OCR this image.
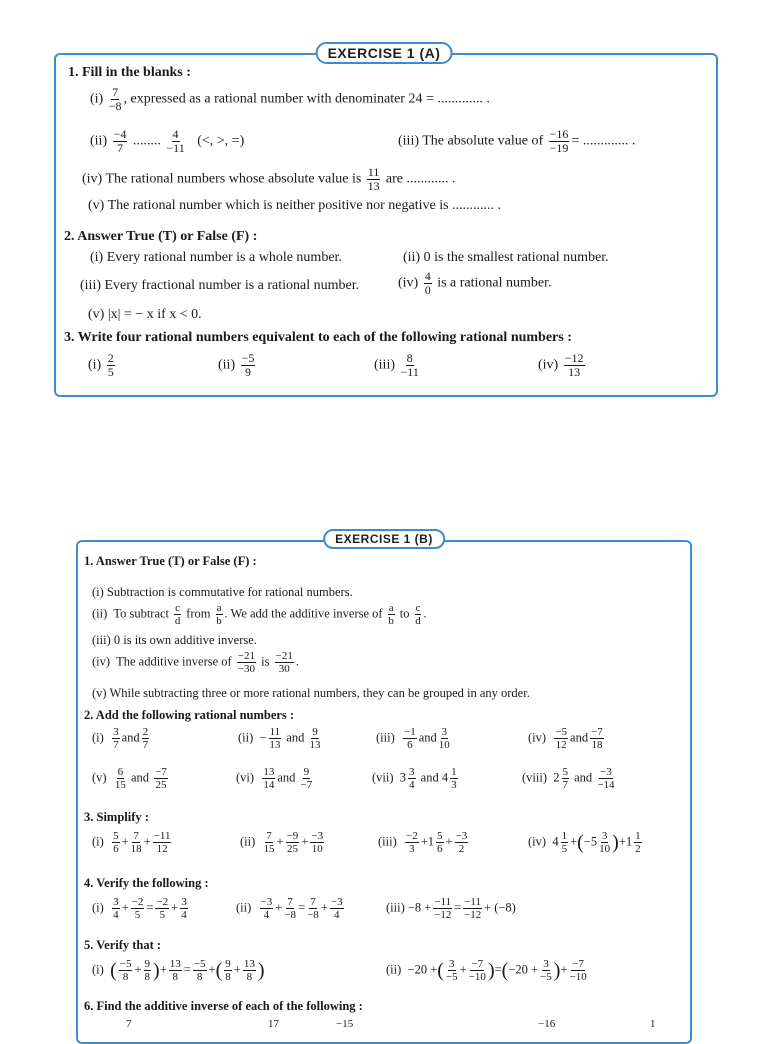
EXERCISE 1 (A)
1. Fill in the blanks :
$(i) \frac{7}{-8}$ , expressed as a rational number with denominater 24 = ............. .
$(ii) \frac{-4}{7}$ ........ $\frac{4}{-11}$ (<, >, =)	(iii) The absolute value of $\frac{-16}{-19}$ = ............. .
(iv) The rational numbers whose absolute value is $\frac{11}{13}$ are ............ .
(v) The rational number which is neither positive nor negative is ............ .
2. Answer True (T) or False (F) :
(i) Every rational number is a whole number.	(ii) 0 is the smallest rational number.
(iii) Every fractional number is a rational number.	$(iv) \frac{4}{0}$ is a rational number.
(v) |x| = − x if x < 0.
3. Write four rational numbers equivalent to each of the following rational numbers :
$(i) \frac{2}{5}$	$(ii) \frac{-5}{9}$	$(iii) \frac{8}{-11}$	$(iv) \frac{-12}{13}$
EXERCISE 1 (B)
1. Answer True (T) or False (F) :
(i) Subtraction is commutative for rational numbers.
(ii) To subtract $\frac{c}{d}$ from $\frac{a}{b}$ . We add the additive inverse of $\frac{a}{b}$ to $\frac{c}{d}$ .
(iii) 0 is its own additive inverse.
(iv) The additive inverse of $\frac{-21}{-30}$ is $\frac{-21}{30}$ .
(v) While subtracting three or more rational numbers, they can be grouped in any order.
2. Add the following rational numbers :
$(i) \frac{3}{7}$ and $\frac{2}{7}$	$(ii) - \frac{11}{13}$ and $\frac{9}{13}$	$(iii) \frac{-1}{6}$ and $\frac{3}{10}$	$(iv) \frac{-5}{12}$ and $\frac{-7}{18}$
$(v) \frac{6}{15}$ and $\frac{-7}{25}$	$(vi) \frac{13}{14}$ and $\frac{9}{-7}$	(vii) $3 \frac{3}{4}$ and $4 \frac{1}{3}$	(viii) $2 \frac{5}{7}$ and $\frac{-3}{-14}$
3. Simplify :
$(i) \frac{5}{6} + \frac{7}{18} + \frac{-11}{12}$	$(ii) \frac{7}{15} + \frac{-9}{25} + \frac{-3}{10}$	$(iii) \frac{-2}{3} +1 \frac{5}{6} + \frac{-3}{2}$	(iv) $4 \frac{1}{5} +(-5 \frac{3}{10} )+1 \frac{1}{2}$
4. Verify the following :
$(i) \frac{3}{4} + \frac{-2}{5} = \frac{-2}{5} + \frac{3}{4}$	$(ii) \frac{-3}{4} + \frac{7}{-8} = \frac{7}{-8} + \frac{-3}{4}$	$(iii) -8 + \frac{-11}{-12} = \frac{-11}{-12} + (-8)$
5. Verify that :
(i) ( $\frac{-5}{8} + \frac{9}{8}$ )+ $\frac{13}{8} = \frac{-5}{8}$ +( $\frac{9}{8} + \frac{13}{8}$ )	(ii) −20 +( $\frac{3}{-5} + \frac{-7}{-10} )=(-20 + \frac{3}{-5}$ )+ $\frac{-7}{-10}$
6. Find the additive inverse of each of the following :
7	17	−15	−16	1
